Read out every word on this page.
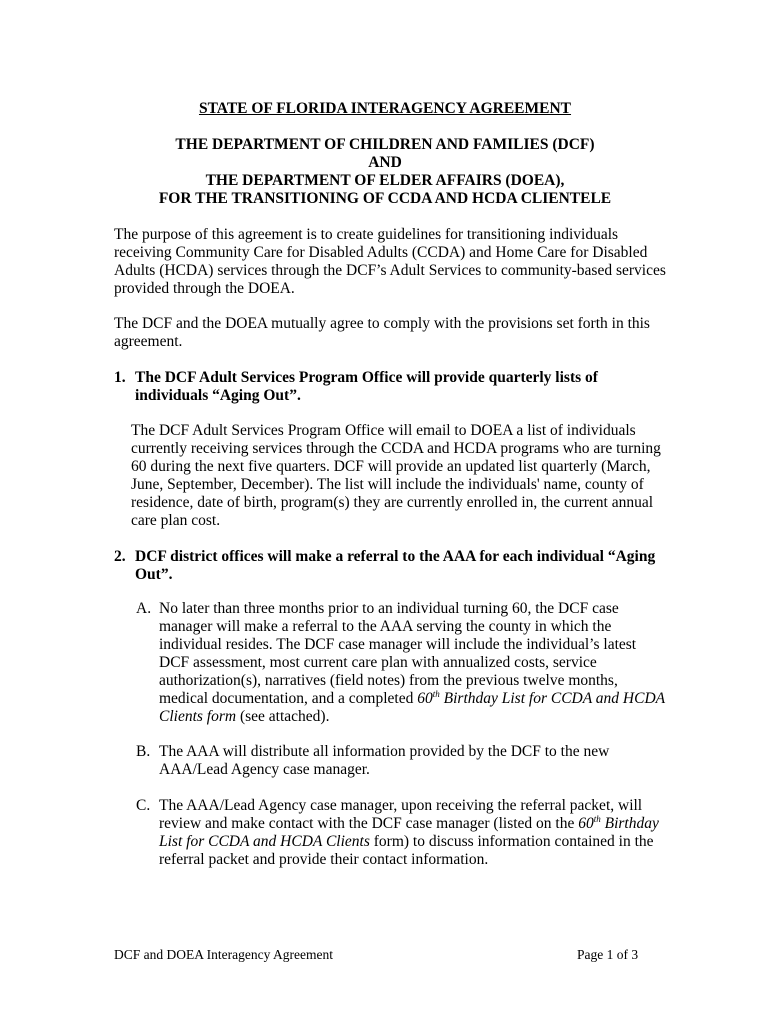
STATE OF FLORIDA INTERAGENCY AGREEMENT
THE DEPARTMENT OF CHILDREN AND FAMILIES (DCF)
AND
THE DEPARTMENT OF ELDER AFFAIRS (DOEA),
FOR THE TRANSITIONING OF CCDA AND HCDA CLIENTELE
The purpose of this agreement is to create guidelines for transitioning individuals receiving Community Care for Disabled Adults (CCDA) and Home Care for Disabled Adults (HCDA) services through the DCF’s Adult Services to community-based services provided through the DOEA.
The DCF and the DOEA mutually agree to comply with the provisions set forth in this agreement.
1. The DCF Adult Services Program Office will provide quarterly lists of individuals “Aging Out”.
The DCF Adult Services Program Office will email to DOEA a list of individuals currently receiving services through the CCDA and HCDA programs who are turning 60 during the next five quarters. DCF will provide an updated list quarterly (March, June, September, December). The list will include the individuals' name, county of residence, date of birth, program(s) they are currently enrolled in, the current annual care plan cost.
2. DCF district offices will make a referral to the AAA for each individual “Aging Out”.
A. No later than three months prior to an individual turning 60, the DCF case manager will make a referral to the AAA serving the county in which the individual resides. The DCF case manager will include the individual’s latest DCF assessment, most current care plan with annualized costs, service authorization(s), narratives (field notes) from the previous twelve months, medical documentation, and a completed 60th Birthday List for CCDA and HCDA Clients form (see attached).
B. The AAA will distribute all information provided by the DCF to the new AAA/Lead Agency case manager.
C. The AAA/Lead Agency case manager, upon receiving the referral packet, will review and make contact with the DCF case manager (listed on the 60th Birthday List for CCDA and HCDA Clients form) to discuss information contained in the referral packet and provide their contact information.
DCF and DOEA Interagency Agreement	Page 1 of 3
